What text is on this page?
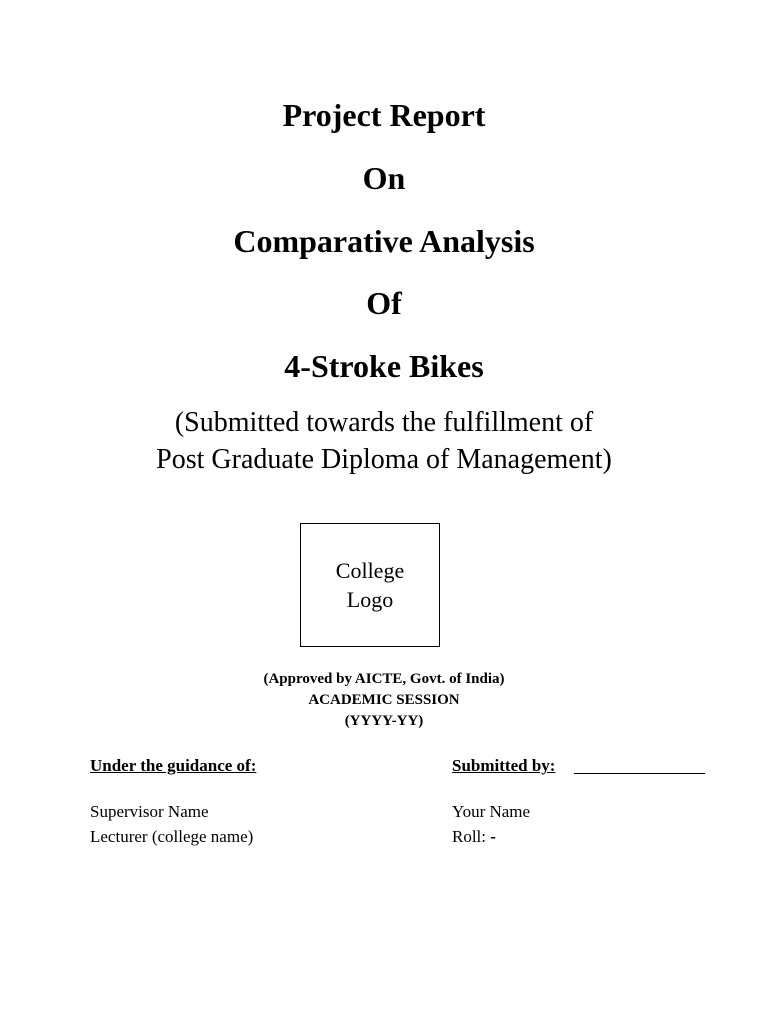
Project Report
On
Comparative Analysis
Of
4-Stroke Bikes
(Submitted towards the fulfillment of
Post Graduate Diploma of Management)
College
Logo
(Approved by AICTE, Govt. of India)
ACADEMIC SESSION
(YYYY-YY)
Under the guidance of:
Supervisor Name
Lecturer (college name)
Submitted by:
Your Name
Roll: -
